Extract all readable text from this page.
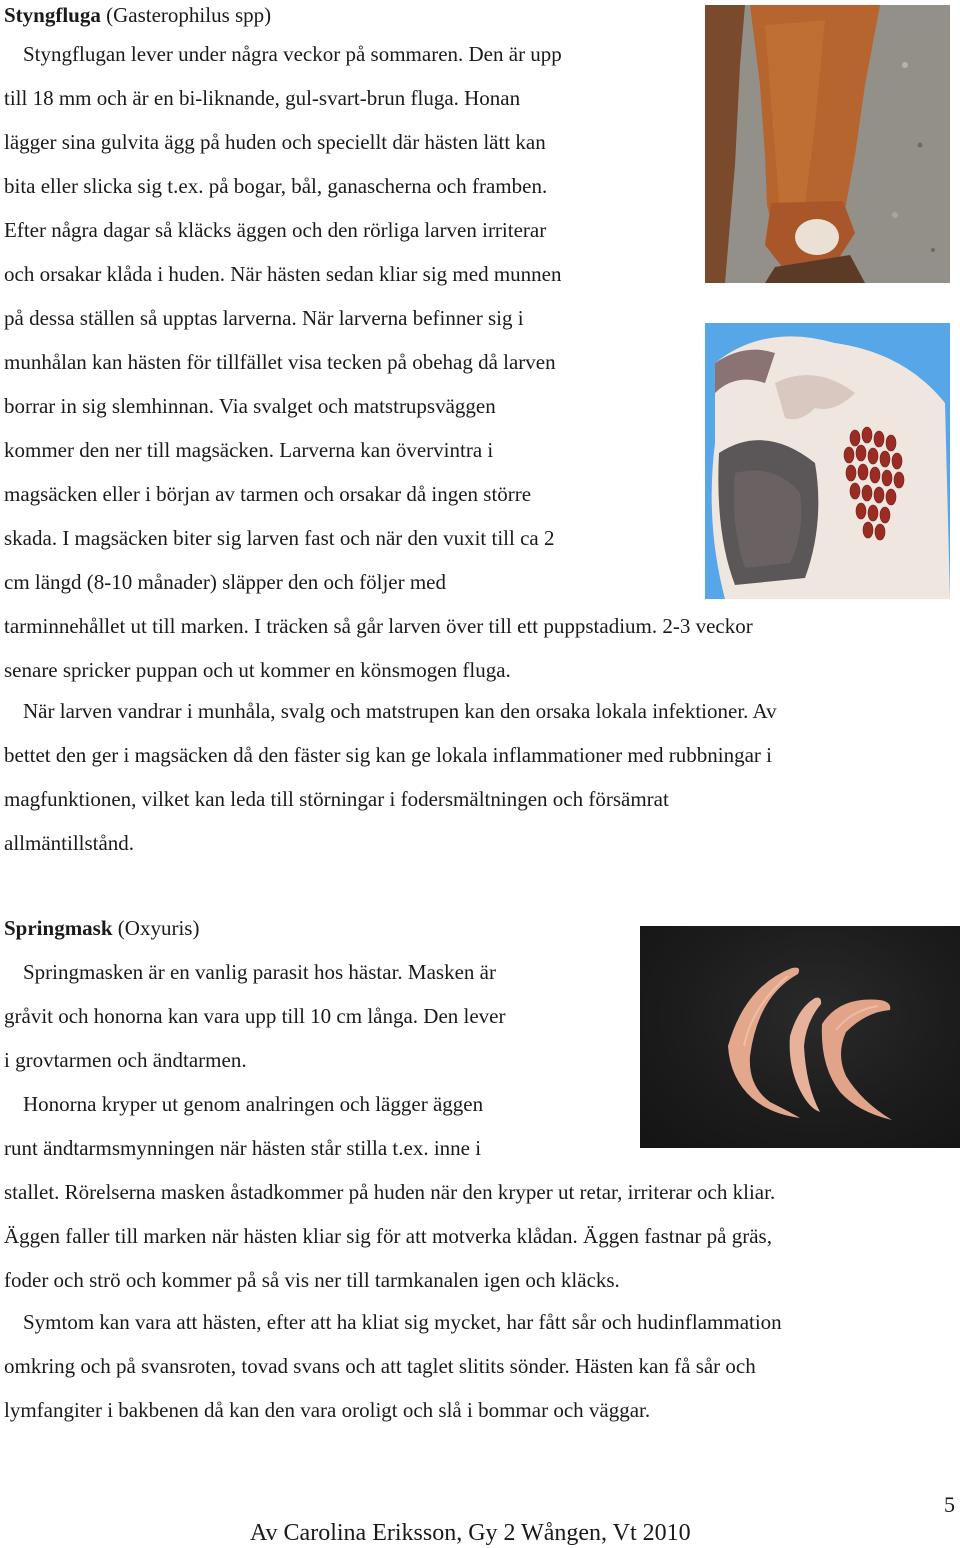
Styngfluga (Gasterophilus spp)
Styngflugan lever under några veckor på sommaren. Den är upp
till 18 mm och är en bi-liknande, gul-svart-brun fluga. Honan
lägger sina gulvita ägg på huden och speciellt där hästen lätt kan
bita eller slicka sig t.ex. på bogar, bål, ganascherna och framben.
Efter några dagar så kläcks äggen och den rörliga larven irriterar
och orsakar klåda i huden. När hästen sedan kliar sig med munnen
på dessa ställen så upptas larverna. När larverna befinner sig i
munhålan kan hästen för tillfället visa tecken på obehag då larven
borrar in sig slemhinnan. Via svalget och matstrupsväggen
kommer den ner till magsäcken. Larverna kan övervintra i
magsäcken eller i början av tarmen och orsakar då ingen större
skada. I magsäcken biter sig larven fast och när den vuxit till ca 2
cm längd (8-10 månader) släpper den och följer med
tarminnehållet ut till marken. I träcken så går larven över till ett puppstadium. 2-3 veckor
senare spricker puppan och ut kommer en könsmogen fluga.
När larven vandrar i munhåla, svalg och matstrupen kan den orsaka lokala infektioner. Av
bettet den ger i magsäcken då den fäster sig kan ge lokala inflammationer med rubbningar i
magfunktionen, vilket kan leda till störningar i fodersmältningen och försämrat
allmäntillstånd.
Springmask (Oxyuris)
Springmasken är en vanlig parasit hos hästar. Masken är
gråvit och honorna kan vara upp till 10 cm långa. Den lever
i grovtarmen och ändtarmen.
Honorna kryper ut genom analringen och lägger äggen
runt ändtarmsmynningen när hästen står stilla t.ex. inne i
stallet. Rörelserna masken åstadkommer på huden när den kryper ut retar, irriterar och kliar.
Äggen faller till marken när hästen kliar sig för att motverka klådan. Äggen fastnar på gräs,
foder och strö och kommer på så vis ner till tarmkanalen igen och kläcks.
Symtom kan vara att hästen, efter att ha kliat sig mycket, har fått sår och hudinflammation
omkring och på svansroten, tovad svans och att taglet slitits sönder. Hästen kan få sår och
lymfangiter i bakbenen då kan den vara oroligt och slå i bommar och väggar.
5
Av Carolina Eriksson, Gy 2 Wången, Vt 2010
